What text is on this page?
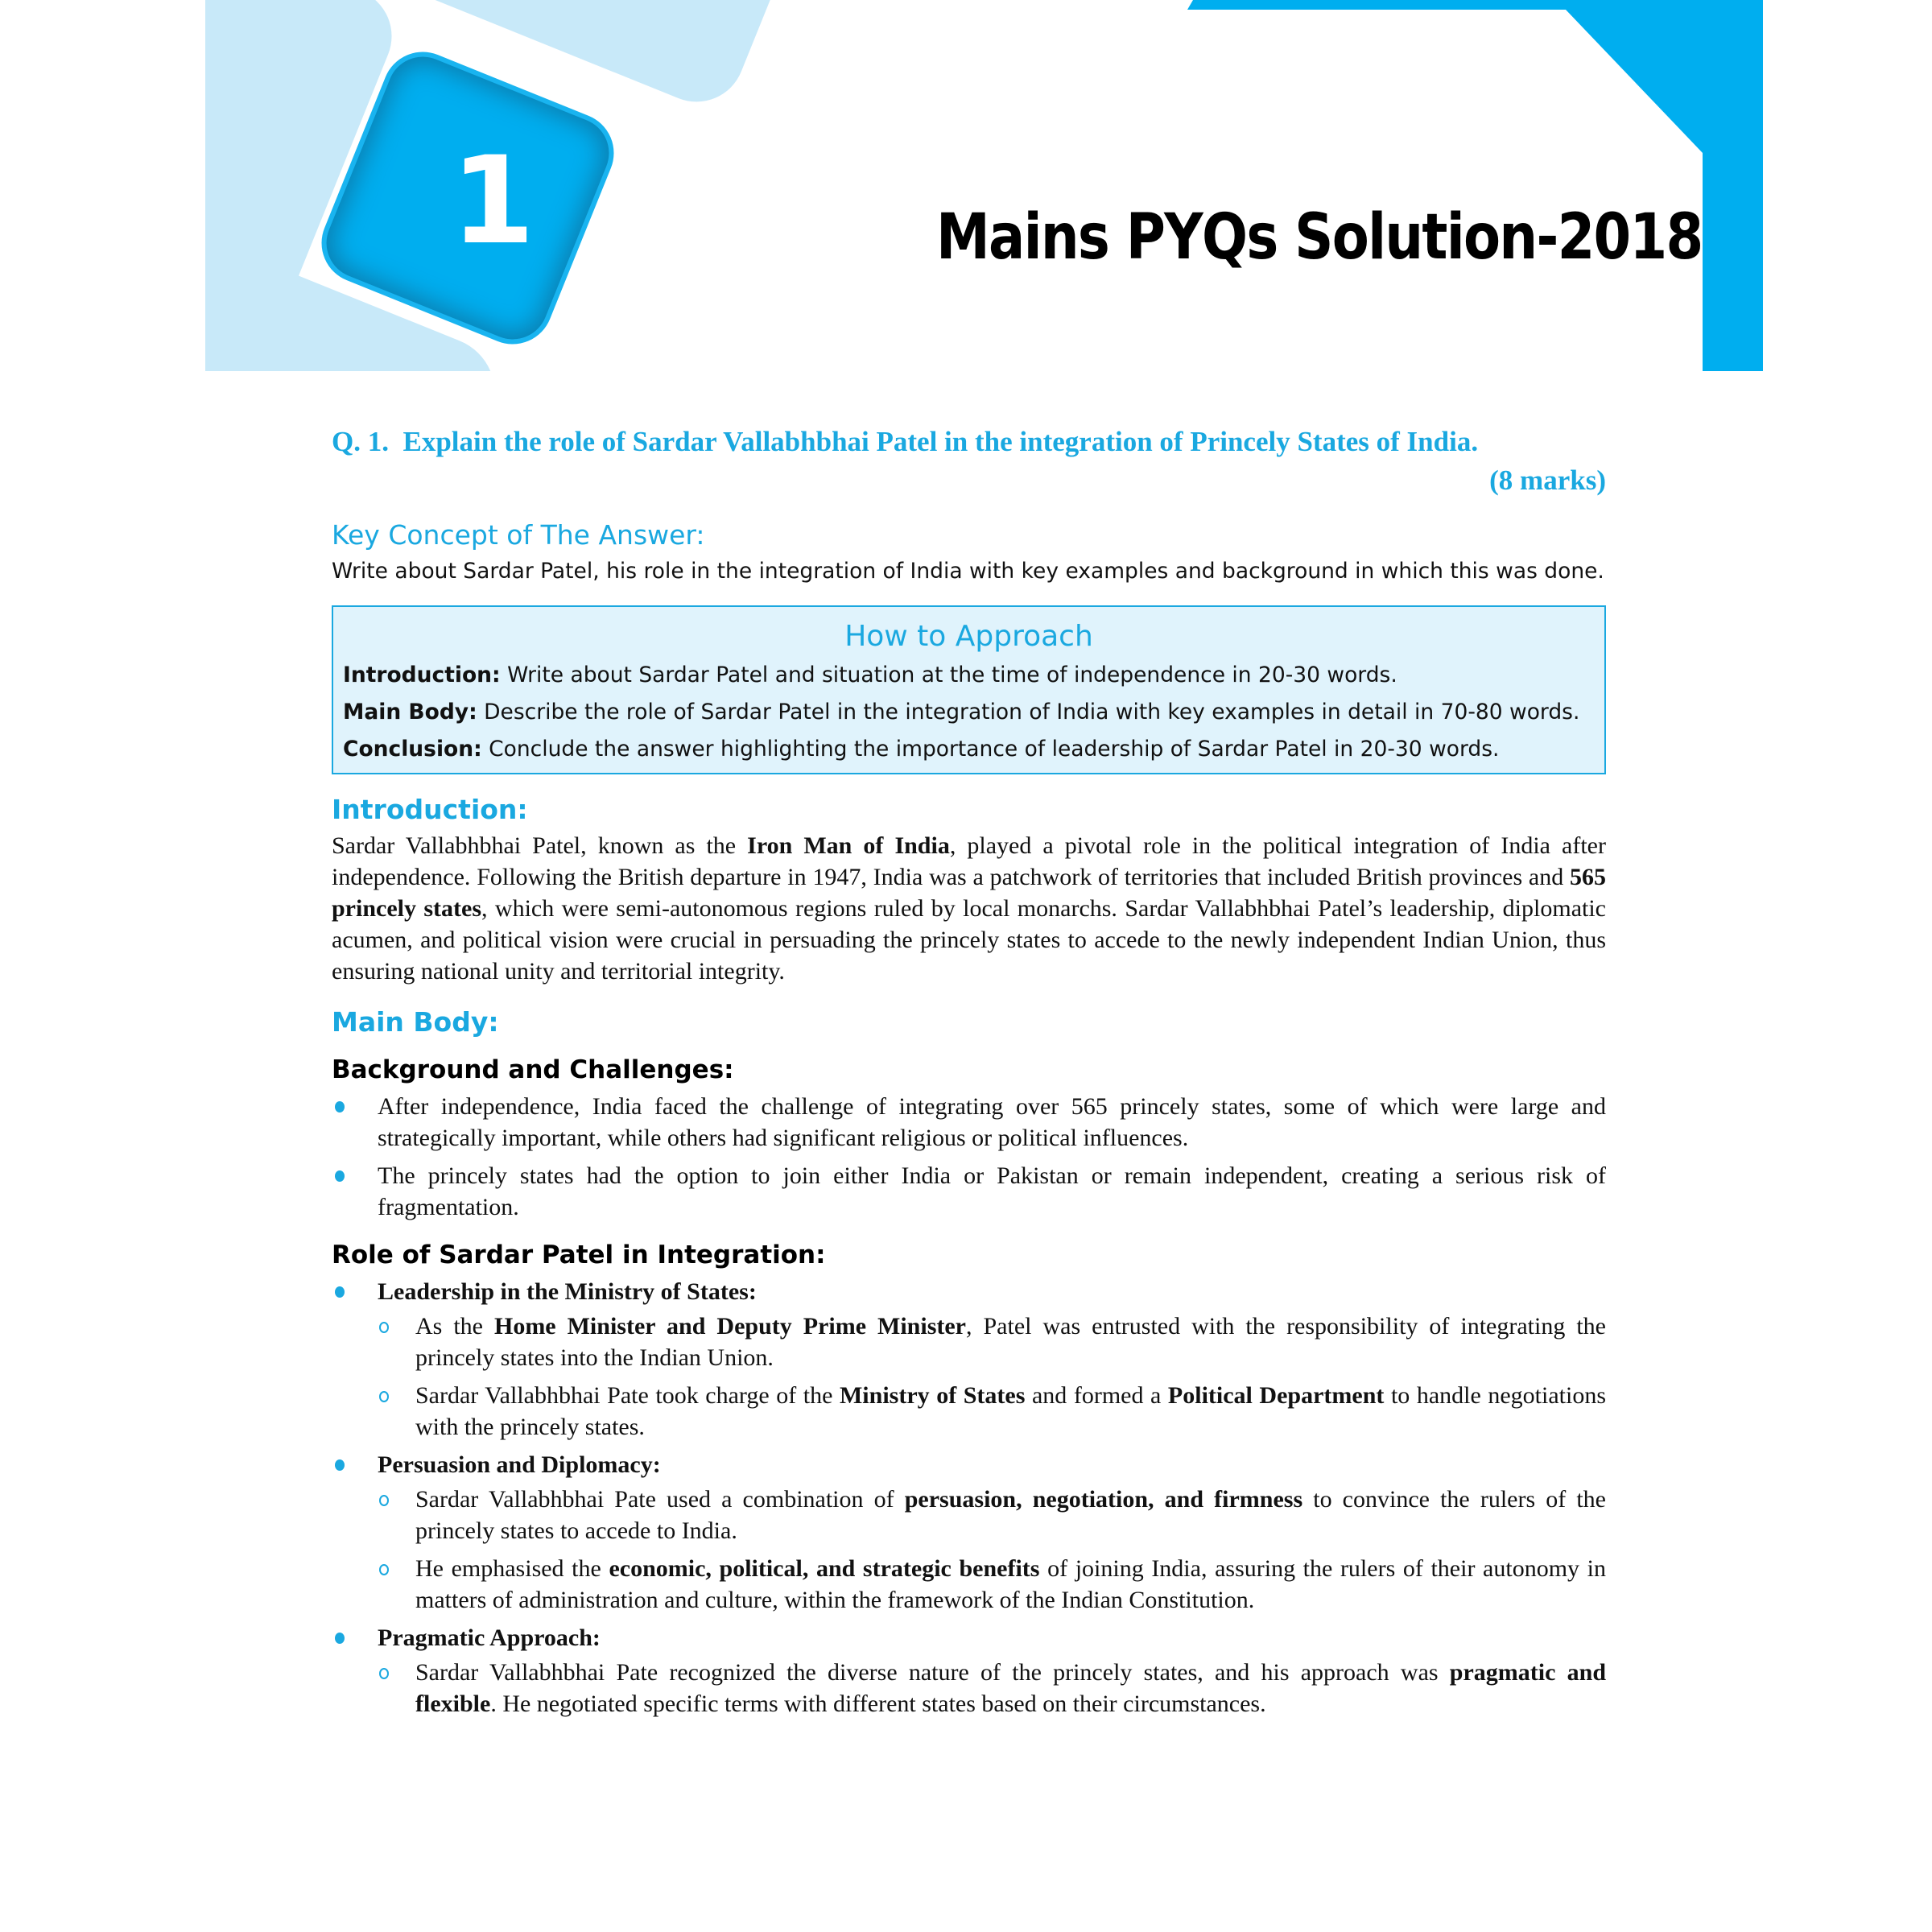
1	Mains PYQs Solution-2018
Q. 1. Explain the role of Sardar Vallabhbhai Patel in the integration of Princely States of India.
(8 marks)
Key Concept of The Answer:

Write about Sardar Patel, his role in the integration of India with key examples and background in which this was done.

How to Approach
Introduction: Write about Sardar Patel and situation at the time of independence in 20-30 words.
Main Body: Describe the role of Sardar Patel in the integration of India with key examples in detail in 70-80 words.
Conclusion: Conclude the answer highlighting the importance of leadership of Sardar Patel in 20-30 words.
Introduction:

Sardar Vallabhbhai Patel, known as the Iron Man of India, played a pivotal role in the political integration of India after independence. Following the British departure in 1947, India was a patchwork of territories that included British provinces and 565 princely states, which were semi-autonomous regions ruled by local monarchs. Sardar Vallabhbhai Patel’s leadership, diplomatic acumen, and political vision were crucial in persuading the princely states to accede to the newly independent Indian Union, thus ensuring national unity and territorial integrity.

Main Body:
Background and Challenges:
After independence, India faced the challenge of integrating over 565 princely states, some of which were large and strategically important, while others had significant religious or political influences.
The princely states had the option to join either India or Pakistan or remain independent, creating a serious risk of fragmentation.
Role of Sardar Patel in Integration:
Leadership in the Ministry of States:
As the Home Minister and Deputy Prime Minister, Patel was entrusted with the responsibility of integrating the princely states into the Indian Union.
Sardar Vallabhbhai Pate took charge of the Ministry of States and formed a Political Department to handle negotiations with the princely states.
Persuasion and Diplomacy:
Sardar Vallabhbhai Pate used a combination of persuasion, negotiation, and firmness to convince the rulers of the princely states to accede to India.
He emphasised the economic, political, and strategic benefits of joining India, assuring the rulers of their autonomy in matters of administration and culture, within the framework of the Indian Constitution.
Pragmatic Approach:
Sardar Vallabhbhai Pate recognized the diverse nature of the princely states, and his approach was pragmatic and flexible. He negotiated specific terms with different states based on their circumstances.
